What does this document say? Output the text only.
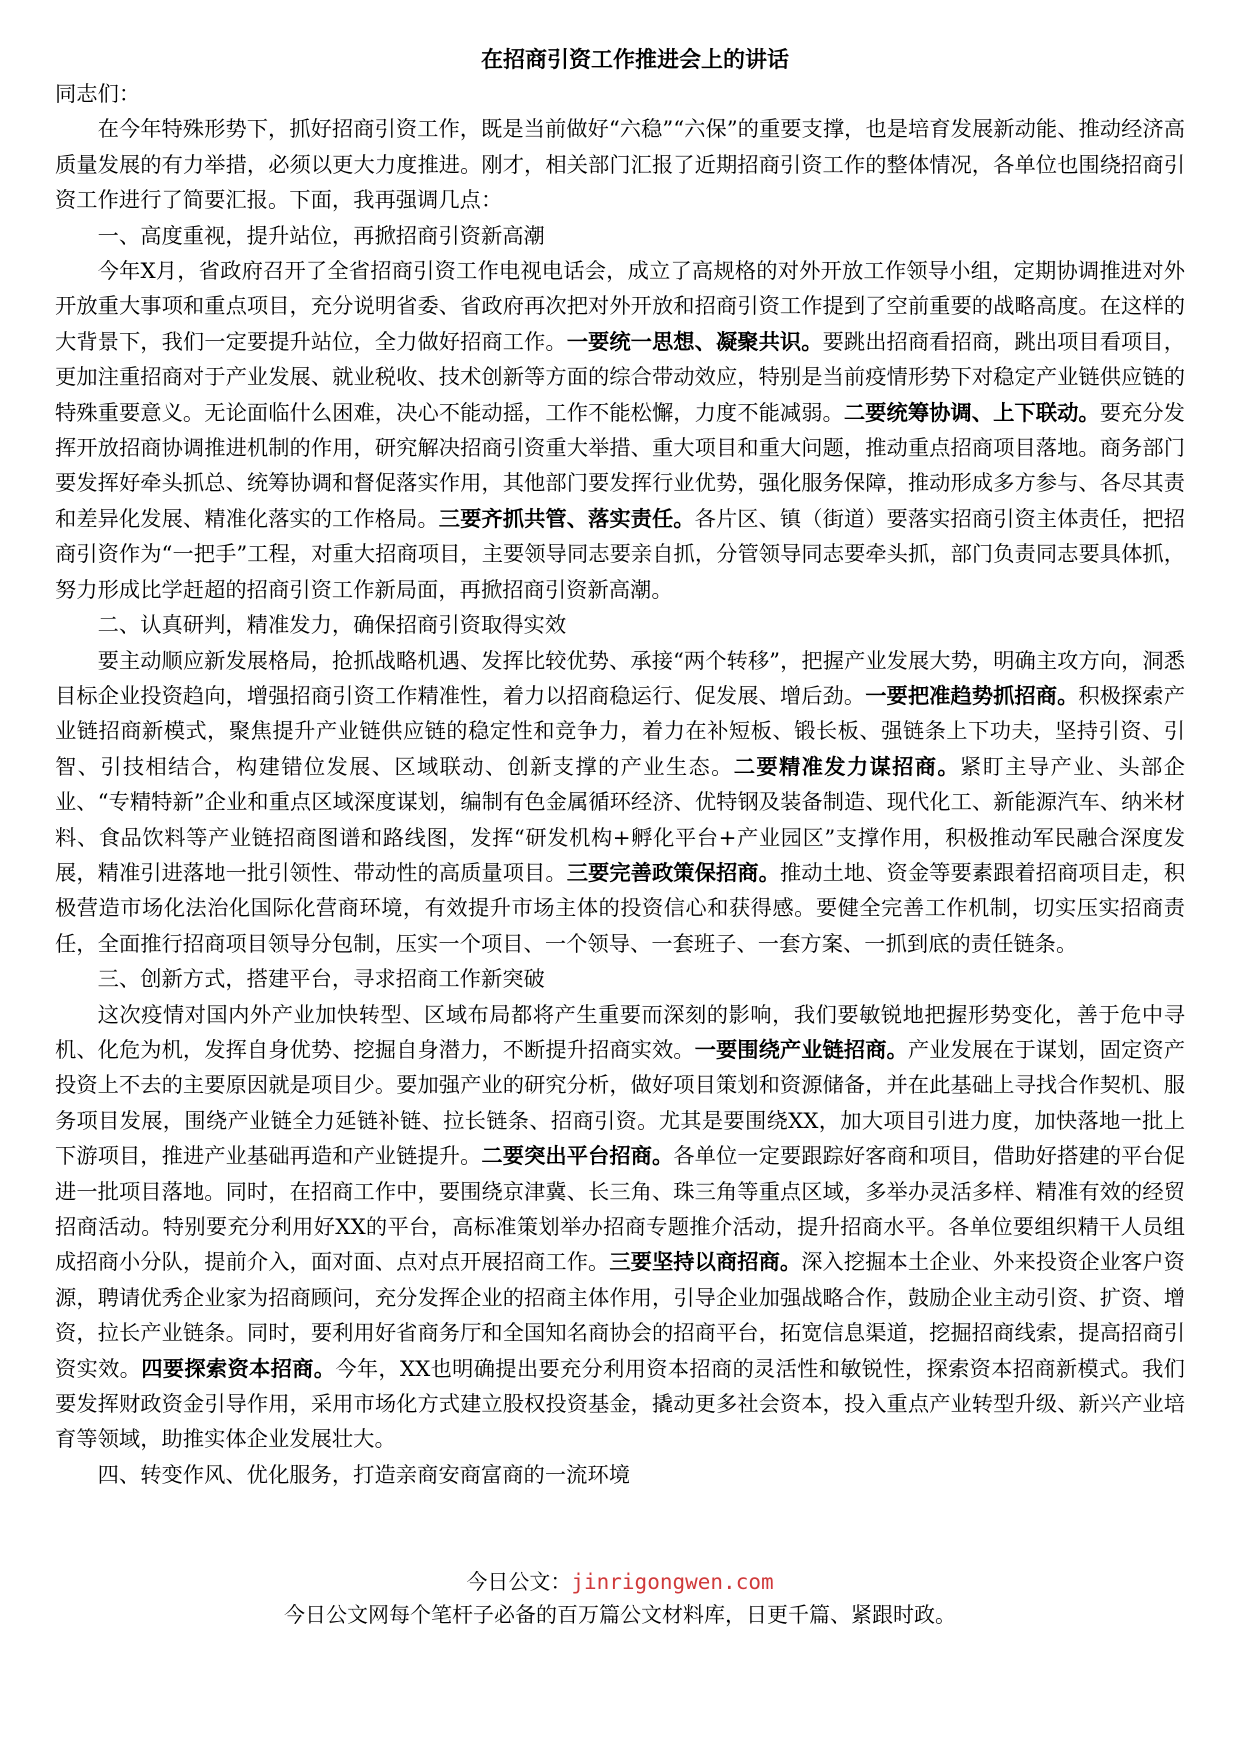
在招商引资工作推进会上的讲话

同志们：

在今年特殊形势下，抓好招商引资工作，既是当前做好“六稳”“六保”的重要支撑，也是培育发展新动能、推动经济高质量发展的有力举措，必须以更大力度推进。刚才，相关部门汇报了近期招商引资工作的整体情况，各单位也围绕招商引资工作进行了简要汇报。下面，我再强调几点：

一、高度重视，提升站位，再掀招商引资新高潮

今年X月，省政府召开了全省招商引资工作电视电话会，成立了高规格的对外开放工作领导小组，定期协调推进对外开放重大事项和重点项目，充分说明省委、省政府再次把对外开放和招商引资工作提到了空前重要的战略高度。在这样的大背景下，我们一定要提升站位，全力做好招商工作。一要统一思想、凝聚共识。要跳出招商看招商，跳出项目看项目，更加注重招商对于产业发展、就业税收、技术创新等方面的综合带动效应，特别是当前疫情形势下对稳定产业链供应链的特殊重要意义。无论面临什么困难，决心不能动摇，工作不能松懈，力度不能减弱。二要统筹协调、上下联动。要充分发挥开放招商协调推进机制的作用，研究解决招商引资重大举措、重大项目和重大问题，推动重点招商项目落地。商务部门要发挥好牵头抓总、统筹协调和督促落实作用，其他部门要发挥行业优势，强化服务保障，推动形成多方参与、各尽其责和差异化发展、精准化落实的工作格局。三要齐抓共管、落实责任。各片区、镇（街道）要落实招商引资主体责任，把招商引资作为“一把手”工程，对重大招商项目，主要领导同志要亲自抓，分管领导同志要牵头抓，部门负责同志要具体抓，努力形成比学赶超的招商引资工作新局面，再掀招商引资新高潮。

二、认真研判，精准发力，确保招商引资取得实效

要主动顺应新发展格局，抢抓战略机遇、发挥比较优势、承接“两个转移”，把握产业发展大势，明确主攻方向，洞悉目标企业投资趋向，增强招商引资工作精准性，着力以招商稳运行、促发展、增后劲。一要把准趋势抓招商。积极探索产业链招商新模式，聚焦提升产业链供应链的稳定性和竞争力，着力在补短板、锻长板、强链条上下功夫，坚持引资、引智、引技相结合，构建错位发展、区域联动、创新支撑的产业生态。二要精准发力谋招商。紧盯主导产业、头部企业、“专精特新”企业和重点区域深度谋划，编制有色金属循环经济、优特钢及装备制造、现代化工、新能源汽车、纳米材料、食品饮料等产业链招商图谱和路线图，发挥“研发机构+孵化平台+产业园区”支撑作用，积极推动军民融合深度发展，精准引进落地一批引领性、带动性的高质量项目。三要完善政策保招商。推动土地、资金等要素跟着招商项目走，积极营造市场化法治化国际化营商环境，有效提升市场主体的投资信心和获得感。要健全完善工作机制，切实压实招商责任，全面推行招商项目领导分包制，压实一个项目、一个领导、一套班子、一套方案、一抓到底的责任链条。

三、创新方式，搭建平台，寻求招商工作新突破

这次疫情对国内外产业加快转型、区域布局都将产生重要而深刻的影响，我们要敏锐地把握形势变化，善于危中寻机、化危为机，发挥自身优势、挖掘自身潜力，不断提升招商实效。一要围绕产业链招商。产业发展在于谋划，固定资产投资上不去的主要原因就是项目少。要加强产业的研究分析，做好项目策划和资源储备，并在此基础上寻找合作契机、服务项目发展，围绕产业链全力延链补链、拉长链条、招商引资。尤其是要围绕XX，加大项目引进力度，加快落地一批上下游项目，推进产业基础再造和产业链提升。二要突出平台招商。各单位一定要跟踪好客商和项目，借助好搭建的平台促进一批项目落地。同时，在招商工作中，要围绕京津冀、长三角、珠三角等重点区域，多举办灵活多样、精准有效的经贸招商活动。特别要充分利用好XX的平台，高标准策划举办招商专题推介活动，提升招商水平。各单位要组织精干人员组成招商小分队，提前介入，面对面、点对点开展招商工作。三要坚持以商招商。深入挖掘本土企业、外来投资企业客户资源，聘请优秀企业家为招商顾问，充分发挥企业的招商主体作用，引导企业加强战略合作，鼓励企业主动引资、扩资、增资，拉长产业链条。同时，要利用好省商务厅和全国知名商协会的招商平台，拓宽信息渠道，挖掘招商线索，提高招商引资实效。四要探索资本招商。今年，XX也明确提出要充分利用资本招商的灵活性和敏锐性，探索资本招商新模式。我们要发挥财政资金引导作用，采用市场化方式建立股权投资基金，撬动更多社会资本，投入重点产业转型升级、新兴产业培育等领域，助推实体企业发展壮大。

四、转变作风、优化服务，打造亲商安商富商的一流环境

今日公文：jinrigongwen.com
今日公文网每个笔杆子必备的百万篇公文材料库，日更千篇、紧跟时政。
